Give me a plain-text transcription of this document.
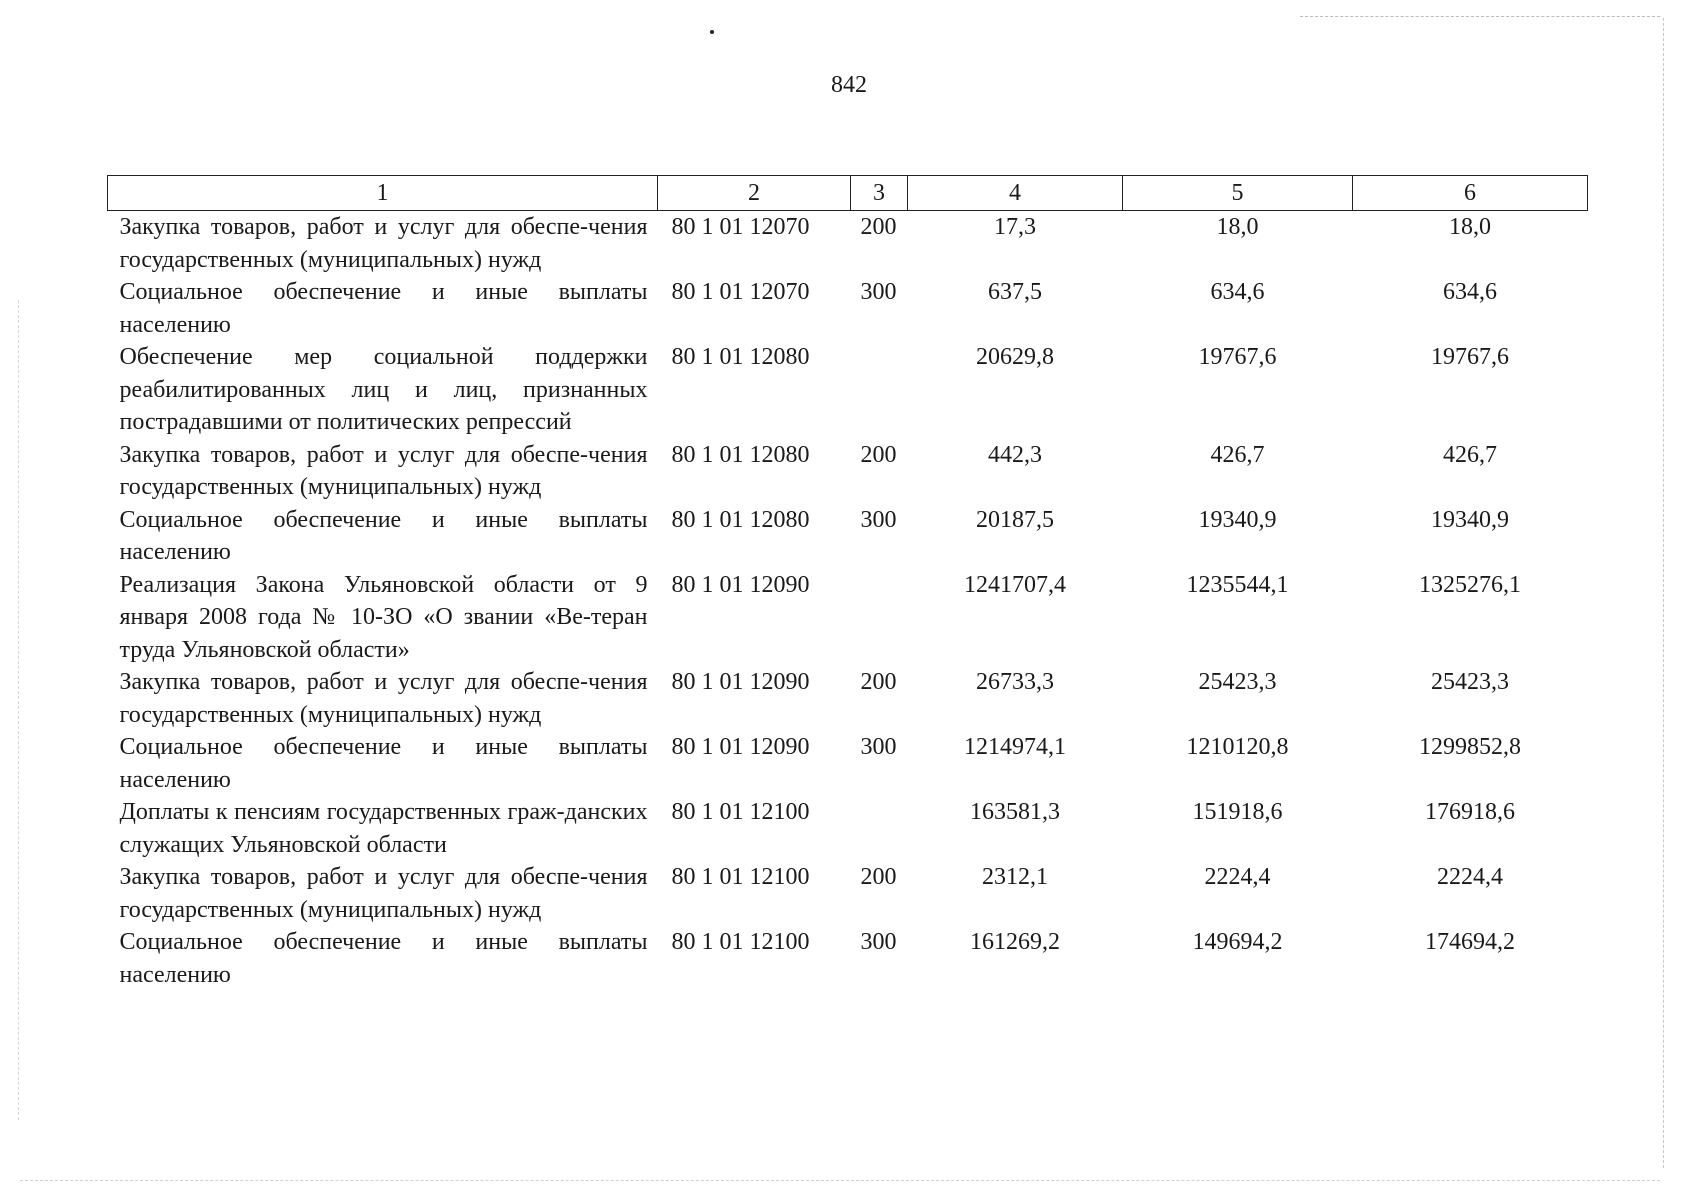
842
1	2	3	4	5	6
Закупка товаров, работ и услуг для обеспе-чения государственных (муниципальных) нужд	80 1 01 12070	200	17,3	18,0	18,0
Социальное обеспечение и иные выплаты населению	80 1 01 12070	300	637,5	634,6	634,6
Обеспечение мер социальной поддержки реабилитированных лиц и лиц, признанных пострадавшими от политических репрессий	80 1 01 12080		20629,8	19767,6	19767,6
Закупка товаров, работ и услуг для обеспе-чения государственных (муниципальных) нужд	80 1 01 12080	200	442,3	426,7	426,7
Социальное обеспечение и иные выплаты населению	80 1 01 12080	300	20187,5	19340,9	19340,9
Реализация Закона Ульяновской области от 9 января 2008 года № 10-ЗО «О звании «Ве-теран труда Ульяновской области»	80 1 01 12090		1241707,4	1235544,1	1325276,1
Закупка товаров, работ и услуг для обеспе-чения государственных (муниципальных) нужд	80 1 01 12090	200	26733,3	25423,3	25423,3
Социальное обеспечение и иные выплаты населению	80 1 01 12090	300	1214974,1	1210120,8	1299852,8
Доплаты к пенсиям государственных граж-данских служащих Ульяновской области	80 1 01 12100		163581,3	151918,6	176918,6
Закупка товаров, работ и услуг для обеспе-чения государственных (муниципальных) нужд	80 1 01 12100	200	2312,1	2224,4	2224,4
Социальное обеспечение и иные выплаты населению	80 1 01 12100	300	161269,2	149694,2	174694,2
